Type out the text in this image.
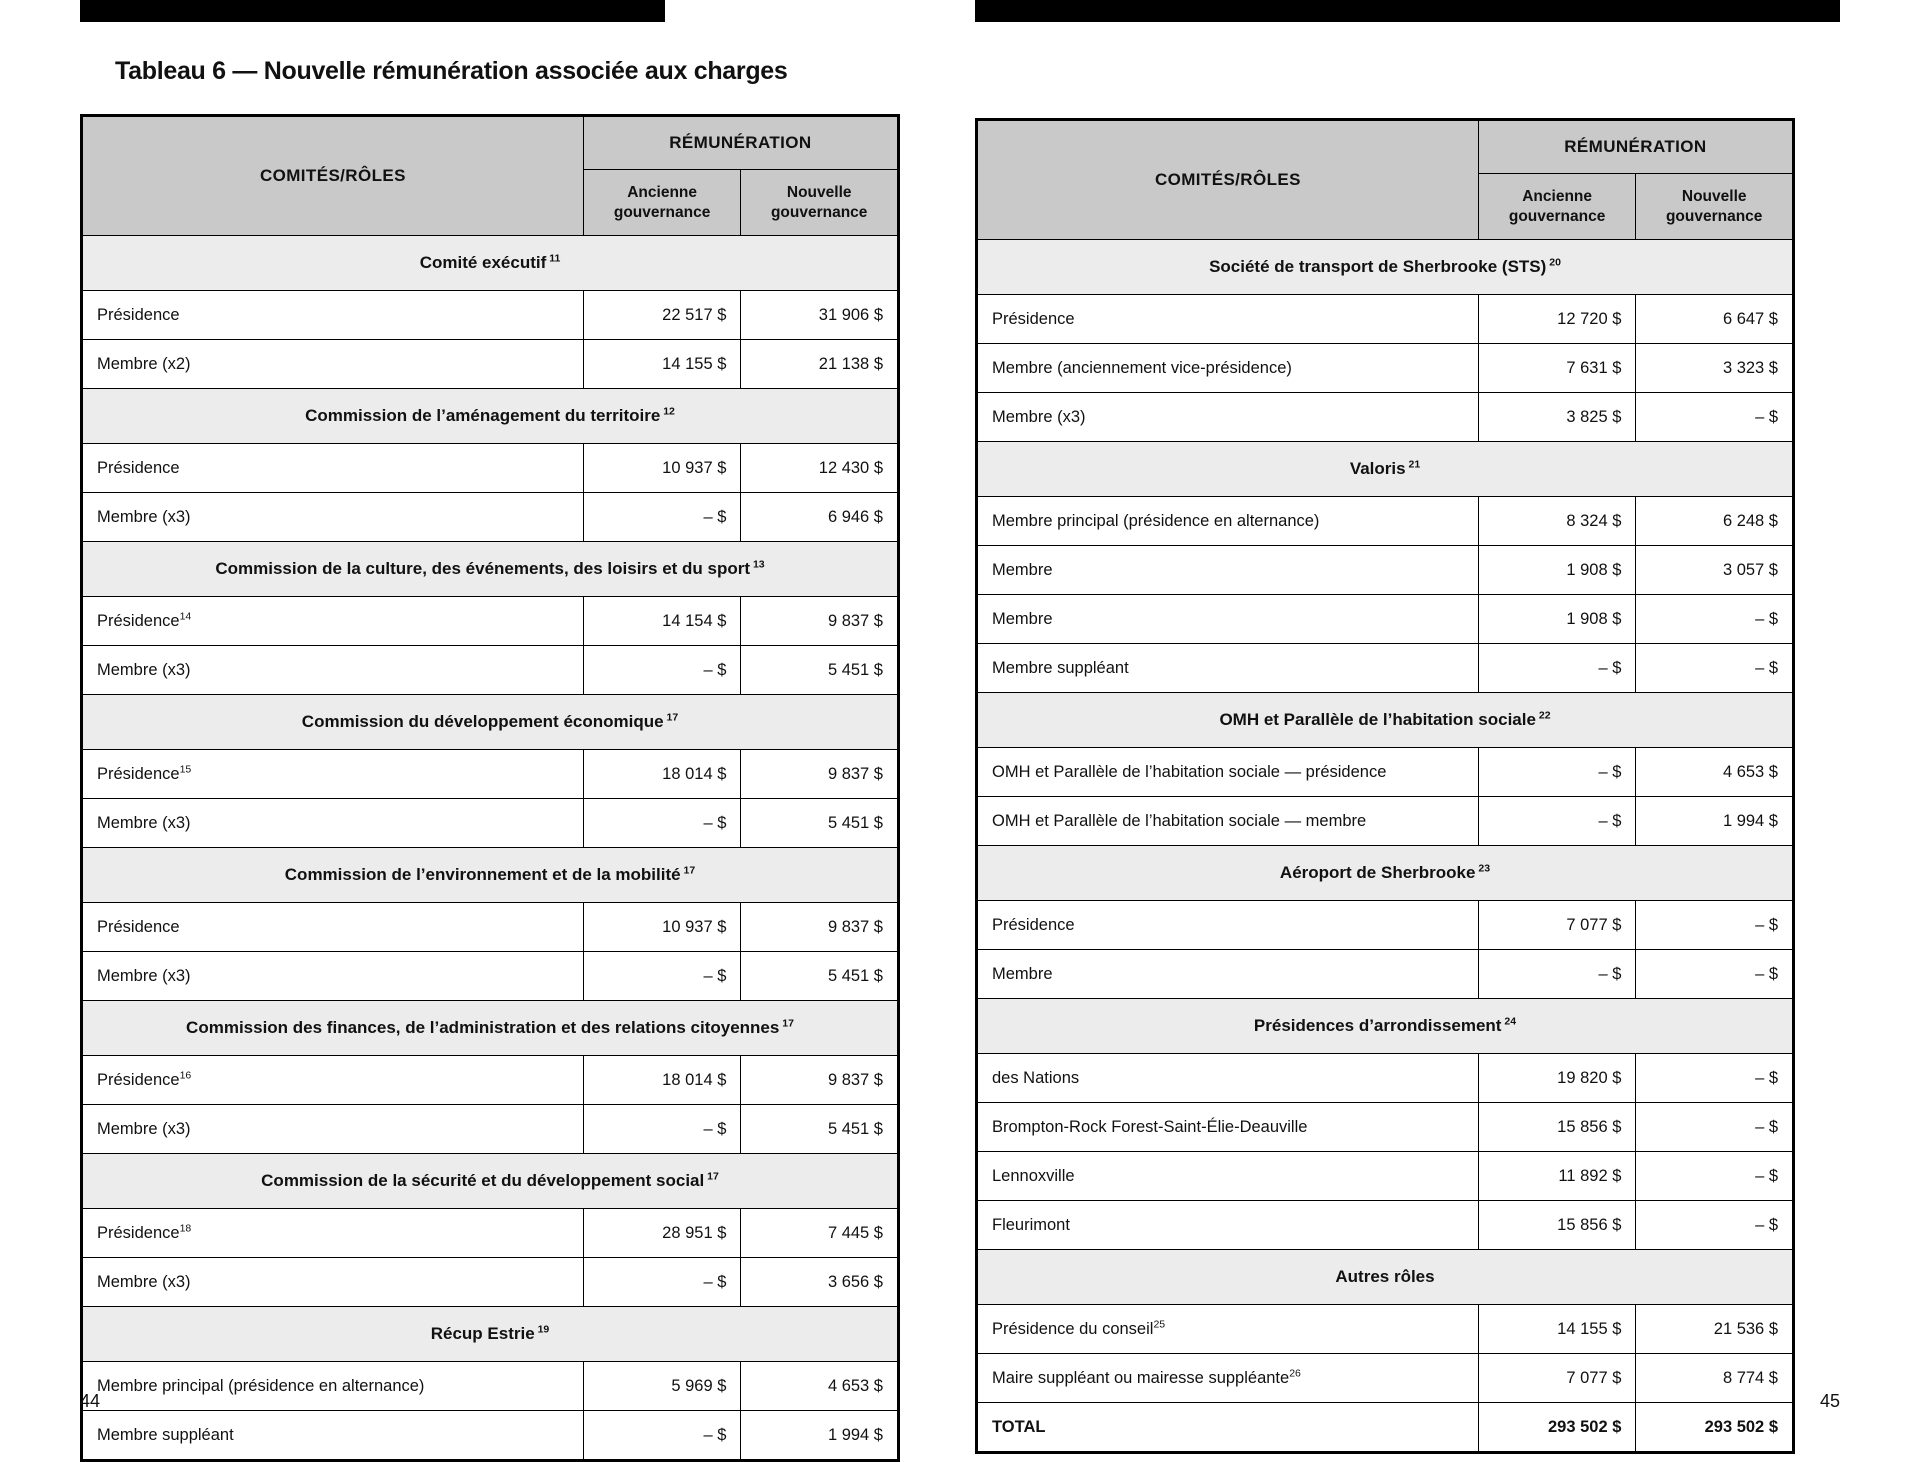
Tableau 6 — Nouvelle rémunération associée aux charges
COMITÉS/RÔLES	RÉMUNÉRATION	

Ancienne
gouvernance

Nouvelle
gouvernance

Comité exécutif $^{11}$
Présidence	22 517 $	31 906 $
Membre (x2)	14 155 $	21 138 $
Commission de l’aménagement du territoire $^{12}$
Présidence	10 937 $	12 430 $
Membre (x3)	– $	6 946 $
Commission de la culture, des événements, des loisirs et du sport $^{13}$
Présidence$^{14}$	14 154 $	9 837 $
Membre (x3)	– $	5 451 $
Commission du développement économique $^{17}$
Présidence$^{15}$	18 014 $	9 837 $
Membre (x3)	– $	5 451 $
Commission de l’environnement et de la mobilité $^{17}$
Présidence	10 937 $	9 837 $
Membre (x3)	– $	5 451 $
Commission des finances, de l’administration et des relations citoyennes $^{17}$
Présidence$^{16}$	18 014 $	9 837 $
Membre (x3)	– $	5 451 $
Commission de la sécurité et du développement social $^{17}$
Présidence$^{18}$	28 951 $	7 445 $
Membre (x3)	– $	3 656 $
Récup Estrie $^{19}$
Membre principal (présidence en alternance)	5 969 $	4 653 $
Membre suppléant	– $	1 994 $
44
COMITÉS/RÔLES	RÉMUNÉRATION	

Ancienne
gouvernance

Nouvelle
gouvernance

Société de transport de Sherbrooke (STS) $^{20}$
Présidence	12 720 $	6 647 $
Membre (anciennement vice-présidence)	7 631 $	3 323 $
Membre (x3)	3 825 $	– $
Valoris $^{21}$
Membre principal (présidence en alternance)	8 324 $	6 248 $
Membre	1 908 $	3 057 $
Membre	1 908 $	– $
Membre suppléant	– $	– $
OMH et Parallèle de l’habitation sociale $^{22}$
OMH et Parallèle de l’habitation sociale — présidence	– $	4 653 $
OMH et Parallèle de l’habitation sociale — membre	– $	1 994 $
Aéroport de Sherbrooke $^{23}$
Présidence	7 077 $	– $
Membre	– $	– $
Présidences d’arrondissement $^{24}$
des Nations	19 820 $	– $
Brompton-Rock Forest-Saint-Élie-Deauville	15 856 $	– $
Lennoxville	11 892 $	– $
Fleurimont	15 856 $	– $
Autres rôles		
Présidence du conseil$^{25}$	14 155 $	21 536 $
Maire suppléant ou mairesse suppléante$^{26}$	7 077 $	8 774 $
TOTAL	293 502 $	293 502 $
45
